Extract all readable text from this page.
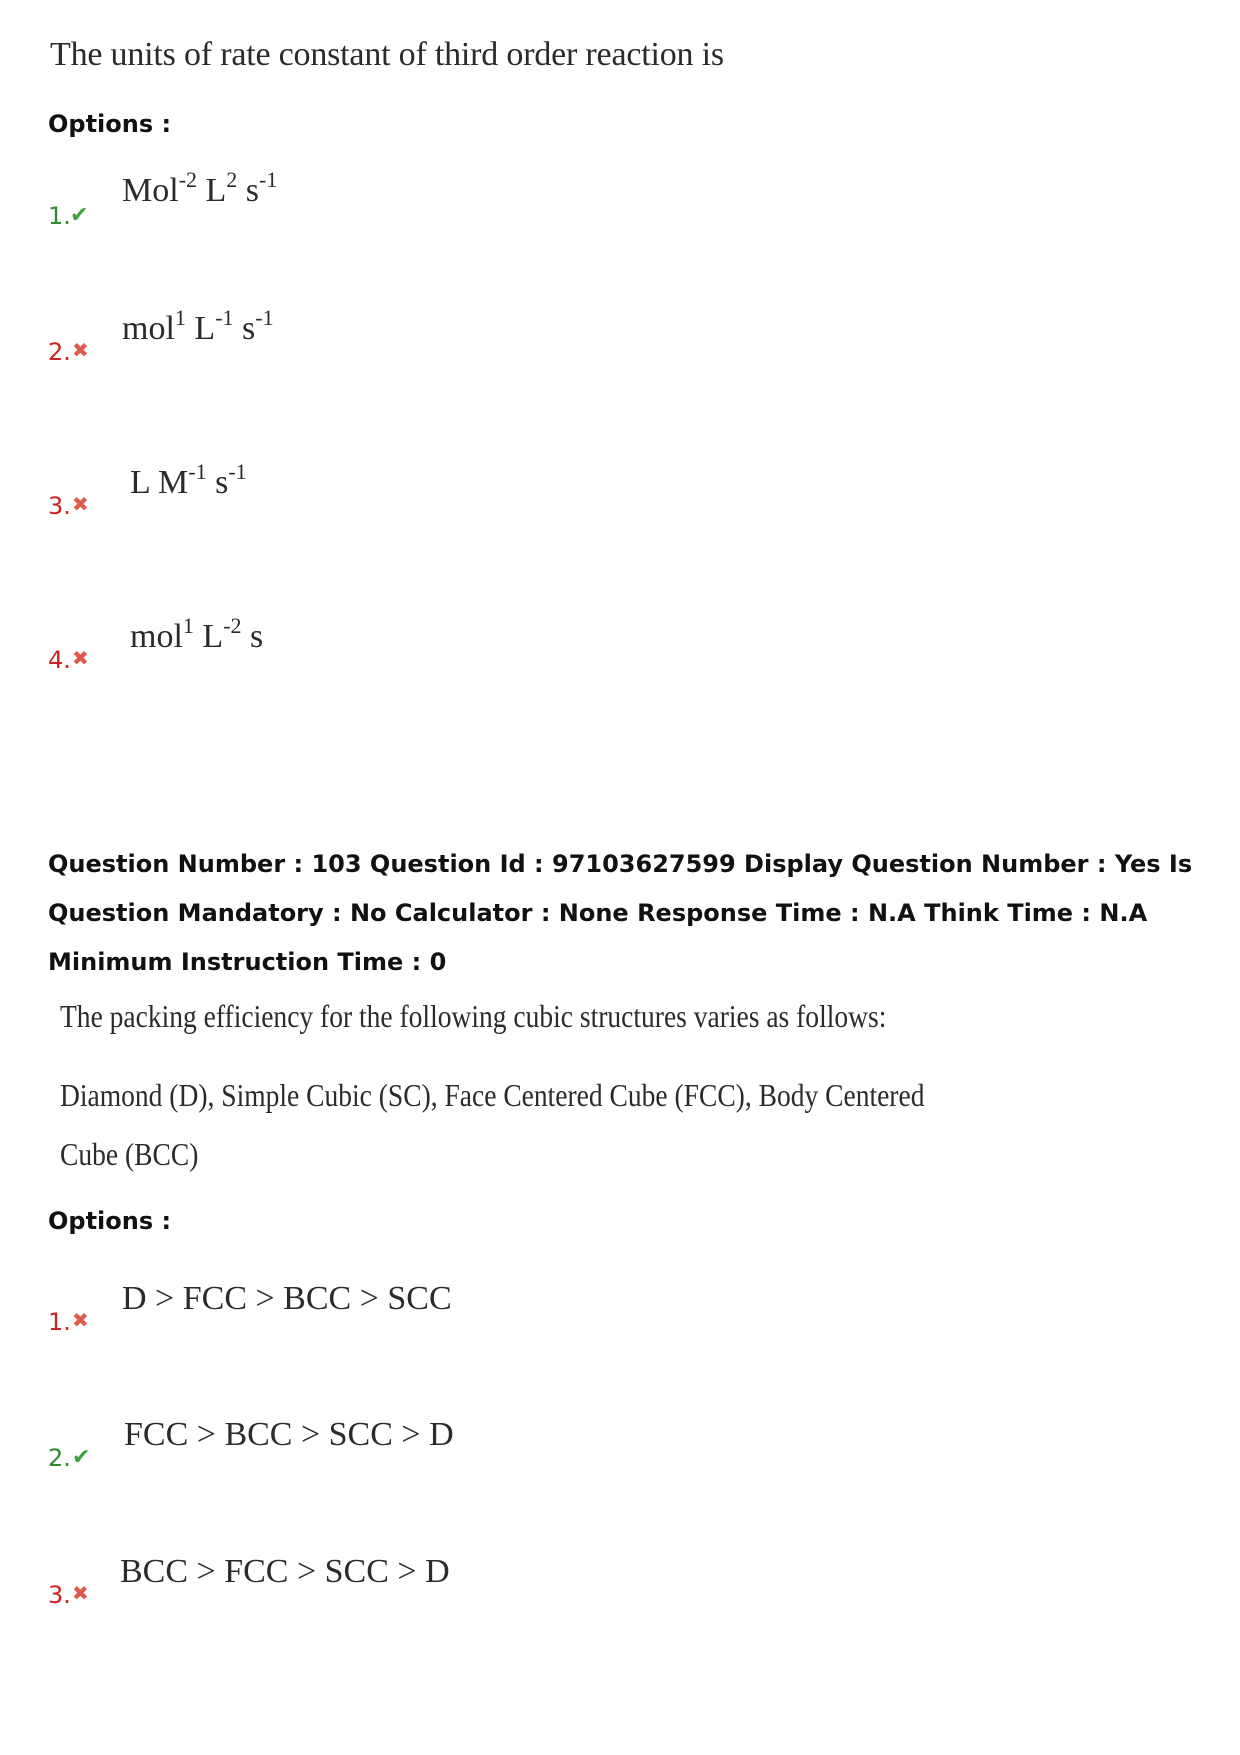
The units of rate constant of third order reaction is
Options :
1. ✔
Mol$^{-2}$ $L^2$ $s^{-1}$
2. ✖
mol$^1$ $L^{-1}$ $s^{-1}$
3. ✖
L $M^{-1}$ $s^{-1}$
4. ✖
mol$^1$ $L^{-2}$ s
Question Number : 103 Question Id : 97103627599 Display Question Number : Yes Is Question Mandatory : No Calculator : None Response Time : N.A Think Time : N.A Minimum Instruction Time : 0
The packing efficiency for the following cubic structures varies as follows:
Diamond (D), Simple Cubic (SC), Face Centered Cube (FCC), Body Centered
Cube (BCC)
Options :
1. ✖
D > FCC > BCC > SCC
2. ✔
FCC > BCC > SCC > D
3. ✖
BCC > FCC > SCC > D
